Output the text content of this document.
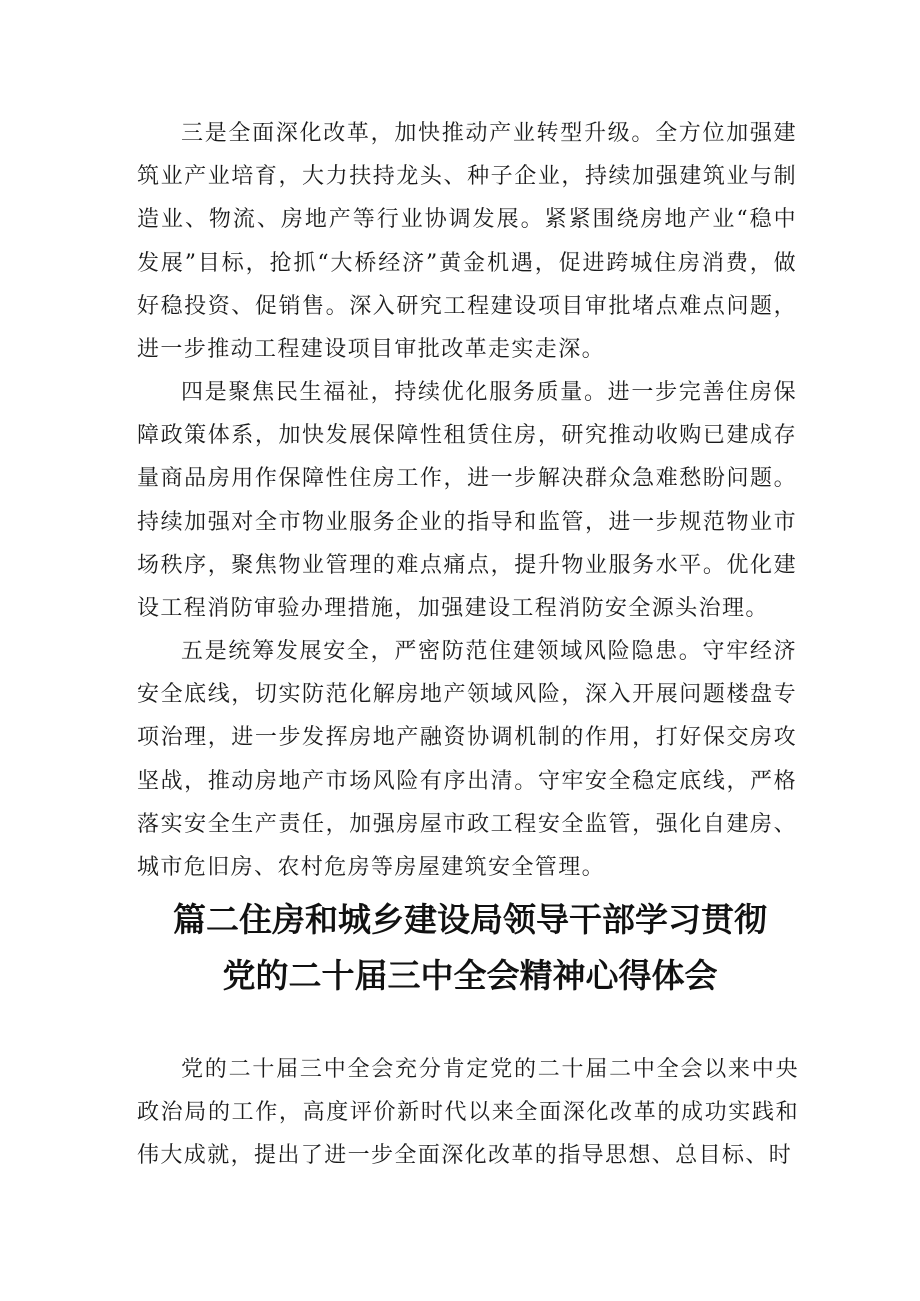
三是全面深化改革，加快推动产业转型升级。全方位加强建筑业产业培育，大力扶持龙头、种子企业，持续加强建筑业与制造业、物流、房地产等行业协调发展。紧紧围绕房地产业“稳中发展”目标，抢抓“大桥经济”黄金机遇，促进跨城住房消费，做好稳投资、促销售。深入研究工程建设项目审批堵点难点问题，进一步推动工程建设项目审批改革走实走深。

四是聚焦民生福祉，持续优化服务质量。进一步完善住房保障政策体系，加快发展保障性租赁住房，研究推动收购已建成存量商品房用作保障性住房工作，进一步解决群众急难愁盼问题。持续加强对全市物业服务企业的指导和监管，进一步规范物业市场秩序，聚焦物业管理的难点痛点，提升物业服务水平。优化建设工程消防审验办理措施，加强建设工程消防安全源头治理。

五是统筹发展安全，严密防范住建领域风险隐患。守牢经济安全底线，切实防范化解房地产领域风险，深入开展问题楼盘专项治理，进一步发挥房地产融资协调机制的作用，打好保交房攻坚战，推动房地产市场风险有序出清。守牢安全稳定底线，严格落实安全生产责任，加强房屋市政工程安全监管，强化自建房、城市危旧房、农村危房等房屋建筑安全管理。

篇二住房和城乡建设局领导干部学习贯彻
党的二十届三中全会精神心得体会

党的二十届三中全会充分肯定党的二十届二中全会以来中央政治局的工作，高度评价新时代以来全面深化改革的成功实践和伟大成就，提出了进一步全面深化改革的指导思想、总目标、时
